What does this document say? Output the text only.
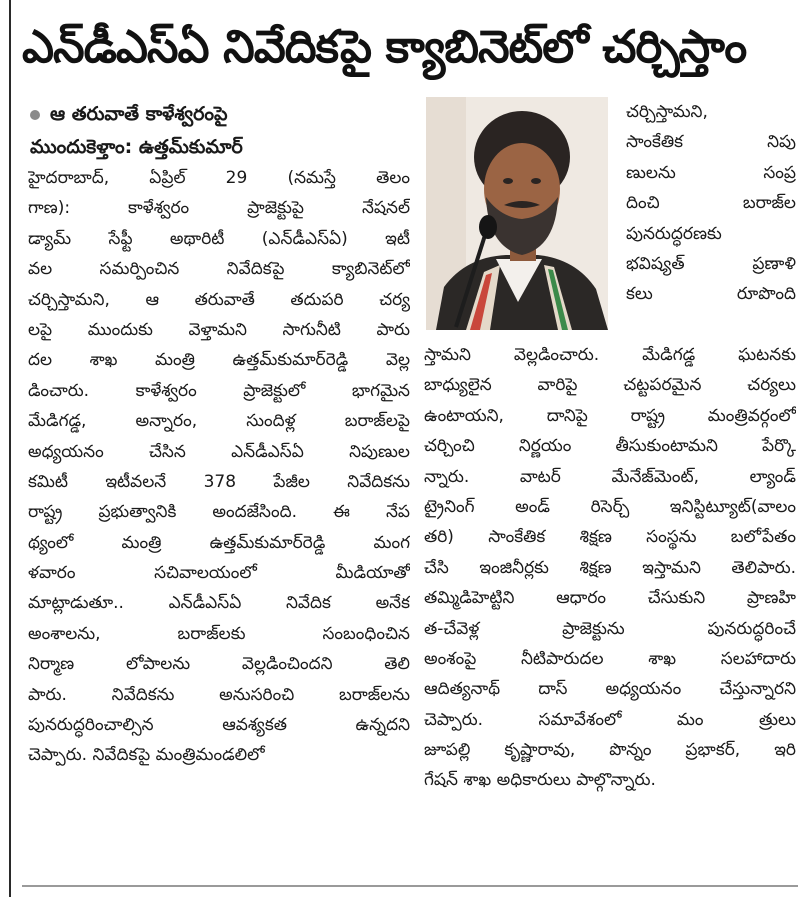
ఎన్‌డీఎస్‌ఏ నివేదికపై క్యాబినెట్‌లో చర్చిస్తాం
ఆ తరువాతే కాళేశ్వరంపై
ముందుకెళ్తాం: ఉత్తమ్‌కుమార్
హైదరాబాద్, ఏప్రిల్ 29 (నమస్తే తెలం
గాణ): కాళేశ్వరం ప్రాజెక్టుపై నేషనల్
డ్యామ్ సేఫ్టీ అథారిటీ (ఎన్‌డీఎస్‌ఏ) ఇటీ
వల సమర్పించిన నివేదికపై క్యాబినెట్‌లో
చర్చిస్తామని, ఆ తరువాతే తదుపరి చర్య
లపై ముందుకు వెళ్తామని సాగునీటి పారు
దల శాఖ మంత్రి ఉత్తమ్‌కుమార్‌రెడ్డి వెల్ల
డించారు. కాళేశ్వరం ప్రాజెక్టులో భాగమైన
మేడిగడ్డ, అన్నారం, సుందిళ్ల బరాజ్‌లపై
అధ్యయనం చేసిన ఎన్‌డీఎస్‌ఏ నిపుణుల
కమిటీ ఇటీవలనే 378 పేజీల నివేదికను
రాష్ట్ర ప్రభుత్వానికి అందజేసింది. ఈ నేప
థ్యంలో మంత్రి ఉత్తమ్‌కుమార్‌రెడ్డి మంగ
ళవారం సచివాలయంలో మీడియాతో
మాట్లాడుతూ.. ఎన్‌డీఎస్‌ఏ నివేదిక అనేక
అంశాలను, బరాజ్‌లకు సంబంధించిన
నిర్మాణ లోపాలను వెల్లడించిందని తెలి
పారు. నివేదికను అనుసరించి బరాజ్‌లను
పునరుద్ధరించాల్సిన ఆవశ్యకత ఉన్నదని
చెప్పారు. నివేదికపై మంత్రిమండలిలో
చర్చిస్తామని,
సాంకేతిక నిపు
ణులను సంప్ర
దించి బరాజ్‌ల
పునరుద్ధరణకు
భవిష్యత్ ప్రణాళి
కలు రూపొంది
స్తామని వెల్లడించారు. మేడిగడ్డ ఘటనకు
బాధ్యులైన వారిపై చట్టపరమైన చర్యలు
ఉంటాయని, దానిపై రాష్ట్ర మంత్రివర్గంలో
చర్చించి నిర్ణయం తీసుకుంటామని పేర్కొ
న్నారు. వాటర్ మేనేజ్‌మెంట్, ల్యాండ్
ట్రైనింగ్ అండ్ రిసెర్చ్ ఇనిస్టిట్యూట్(వాలం
తరి) సాంకేతిక శిక్షణ సంస్థను బలోపేతం
చేసి ఇంజినీర్లకు శిక్షణ ఇస్తామని తెలిపారు.
తమ్మిడిహెట్టిని ఆధారం చేసుకుని ప్రాణహి
త-చేవెళ్ల ప్రాజెక్టును పునరుద్ధరించే
అంశంపై నీటిపారుదల శాఖ సలహాదారు
ఆదిత్యనాథ్ దాస్ అధ్యయనం చేస్తున్నారని
చెప్పారు. సమావేశంలో మం త్రులు
జూపల్లి కృష్ణారావు, పొన్నం ప్రభాకర్, ఇరి
గేషన్ శాఖ అధికారులు పాల్గొన్నారు.
